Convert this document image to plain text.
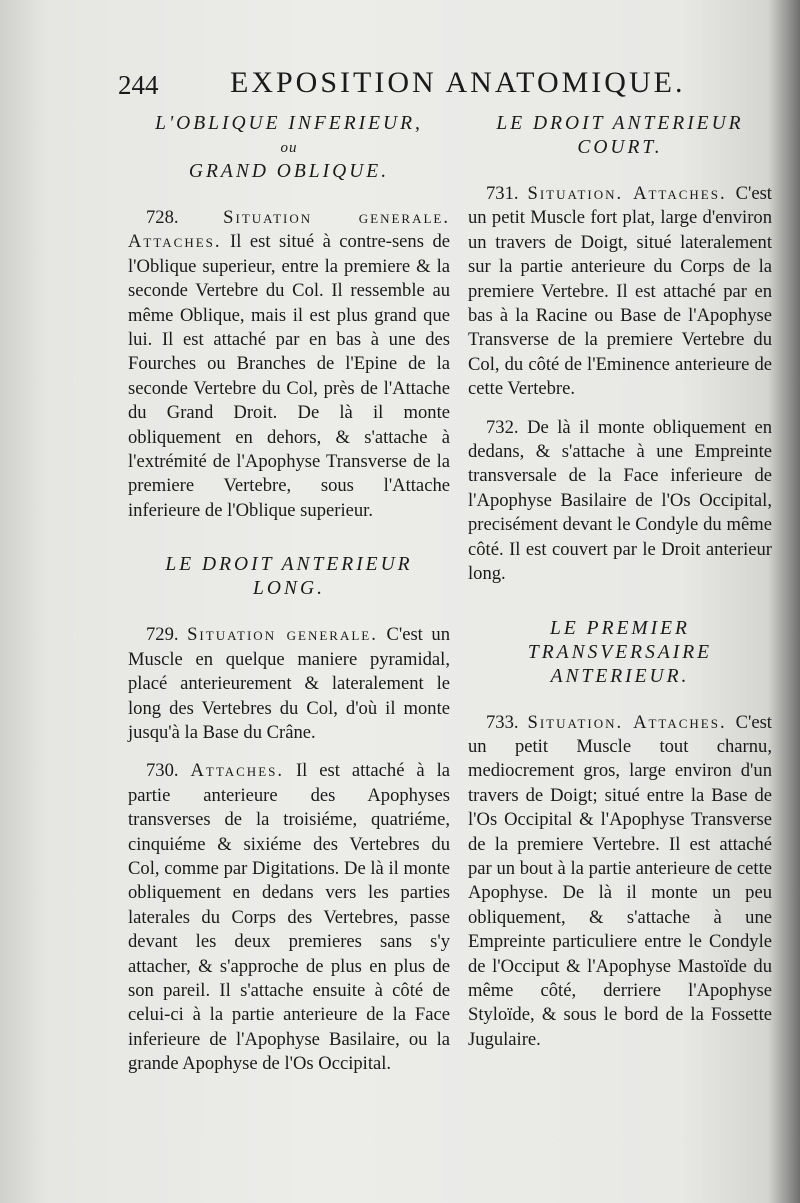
244 EXPOSITION ANATOMIQUE.
L'OBLIQUE INFERIEUR,
ou
GRAND OBLIQUE.

728. Situation generale. Attaches. Il est situé à contre-sens de l'Oblique superieur, entre la premiere & la seconde Vertebre du Col. Il ressemble au même Oblique, mais il est plus grand que lui. Il est attaché par en bas à une des Fourches ou Branches de l'Epine de la seconde Vertebre du Col, près de l'Attache du Grand Droit. De là il monte obliquement en dehors, & s'attache à l'extrémité de l'Apophyse Transverse de la premiere Vertebre, sous l'Attache inferieure de l'Oblique superieur.

LE DROIT ANTERIEUR
LONG.

729. Situation generale. C'est un Muscle en quelque maniere pyramidal, placé anterieurement & lateralement le long des Vertebres du Col, d'où il monte jusqu'à la Base du Crâne.

730. Attaches. Il est attaché à la partie anterieure des Apophyses transverses de la troisiéme, quatriéme, cinquiéme & sixiéme des Vertebres du Col, comme par Digitations. De là il monte obliquement en dedans vers les parties laterales du Corps des Vertebres, passe devant les deux premieres sans s'y attacher, & s'approche de plus en plus de son pareil. Il s'attache ensuite à côté de celui-ci à la partie anterieure de la Face inferieure de l'Apophyse Basilaire, ou la grande Apophyse de l'Os Occipital.

LE DROIT ANTERIEUR
COURT.

731. Situation. Attaches. C'est un petit Muscle fort plat, large d'environ un travers de Doigt, situé lateralement sur la partie anterieure du Corps de la premiere Vertebre. Il est attaché par en bas à la Racine ou Base de l'Apophyse Transverse de la premiere Vertebre du Col, du côté de l'Eminence anterieure de cette Vertebre.

732. De là il monte obliquement en dedans, & s'attache à une Empreinte transversale de la Face inferieure de l'Apophyse Basilaire de l'Os Occipital, precisément devant le Condyle du même côté. Il est couvert par le Droit anterieur long.

LE PREMIER
TRANSVERSAIRE
ANTERIEUR.

733. Situation. Attaches. C'est un petit Muscle tout charnu, mediocrement gros, large environ d'un travers de Doigt; situé entre la Base de l'Os Occipital & l'Apophyse Transverse de la premiere Vertebre. Il est attaché par un bout à la partie anterieure de cette Apophyse. De là il monte un peu obliquement, & s'attache à une Empreinte particuliere entre le Condyle de l'Occiput & l'Apophyse Mastoïde du même côté, derriere l'Apophyse Styloïde, & sous le bord de la Fossette Jugulaire.
